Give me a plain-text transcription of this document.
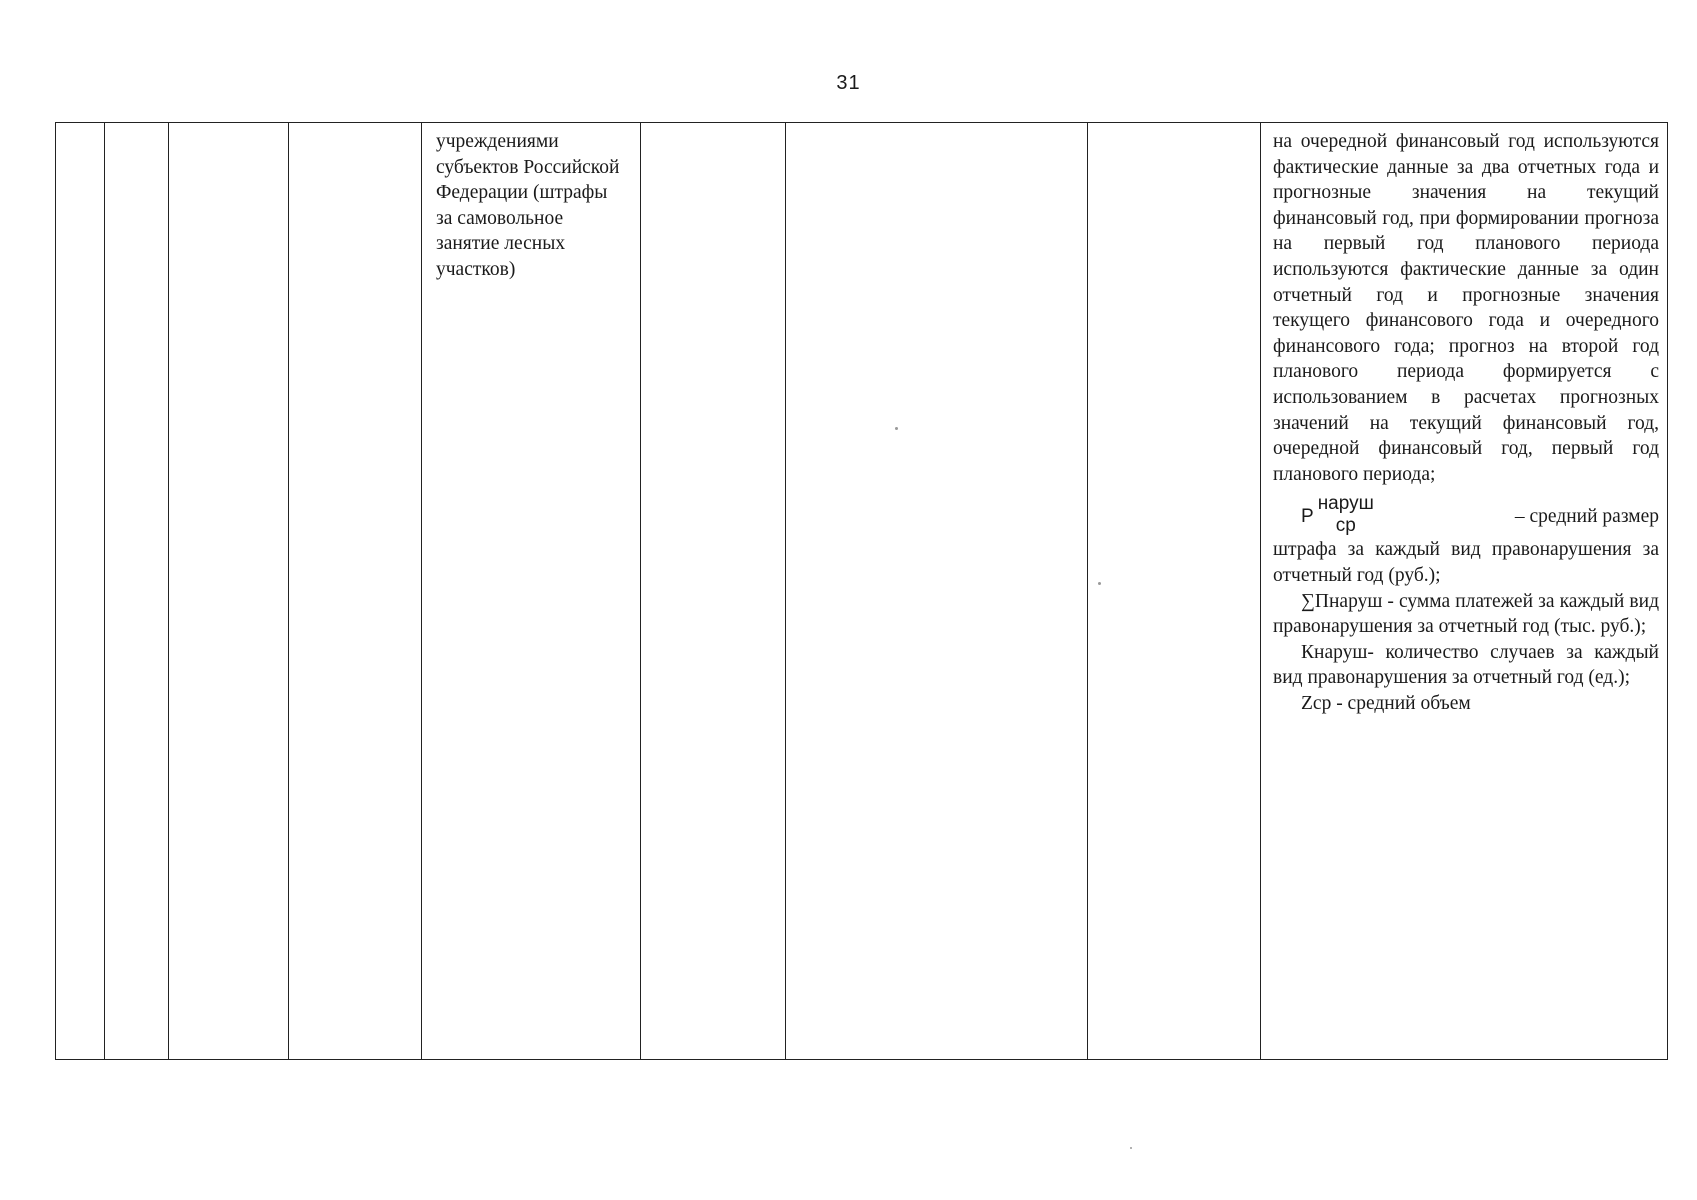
31

учреждениями
субъектов Российской
Федерации (штрафы
за самовольное
занятие лесных
участков)

на очередной финансовый год используются фактические данные за два отчетных года и прогнозные значения на текущий финансовый год, при формировании прогноза на первый год планового периода используются фактические данные за один отчетный год и прогнозные значения текущего финансового года и очередного финансового года; прогноз на второй год планового периода формируется с использованием в расчетах прогнозных значений на текущий финансовый год, очередной финансовый год, первый год планового периода;

Р
наруш
ср	– средний размер

штрафа за каждый вид правонарушения за отчетный год (руб.);

∑Пнаруш - сумма платежей за каждый вид правонарушения за отчетный год (тыс. руб.);

Кнаруш- количество случаев за каждый вид правонарушения за отчетный год (ед.);

Zср - средний объем
